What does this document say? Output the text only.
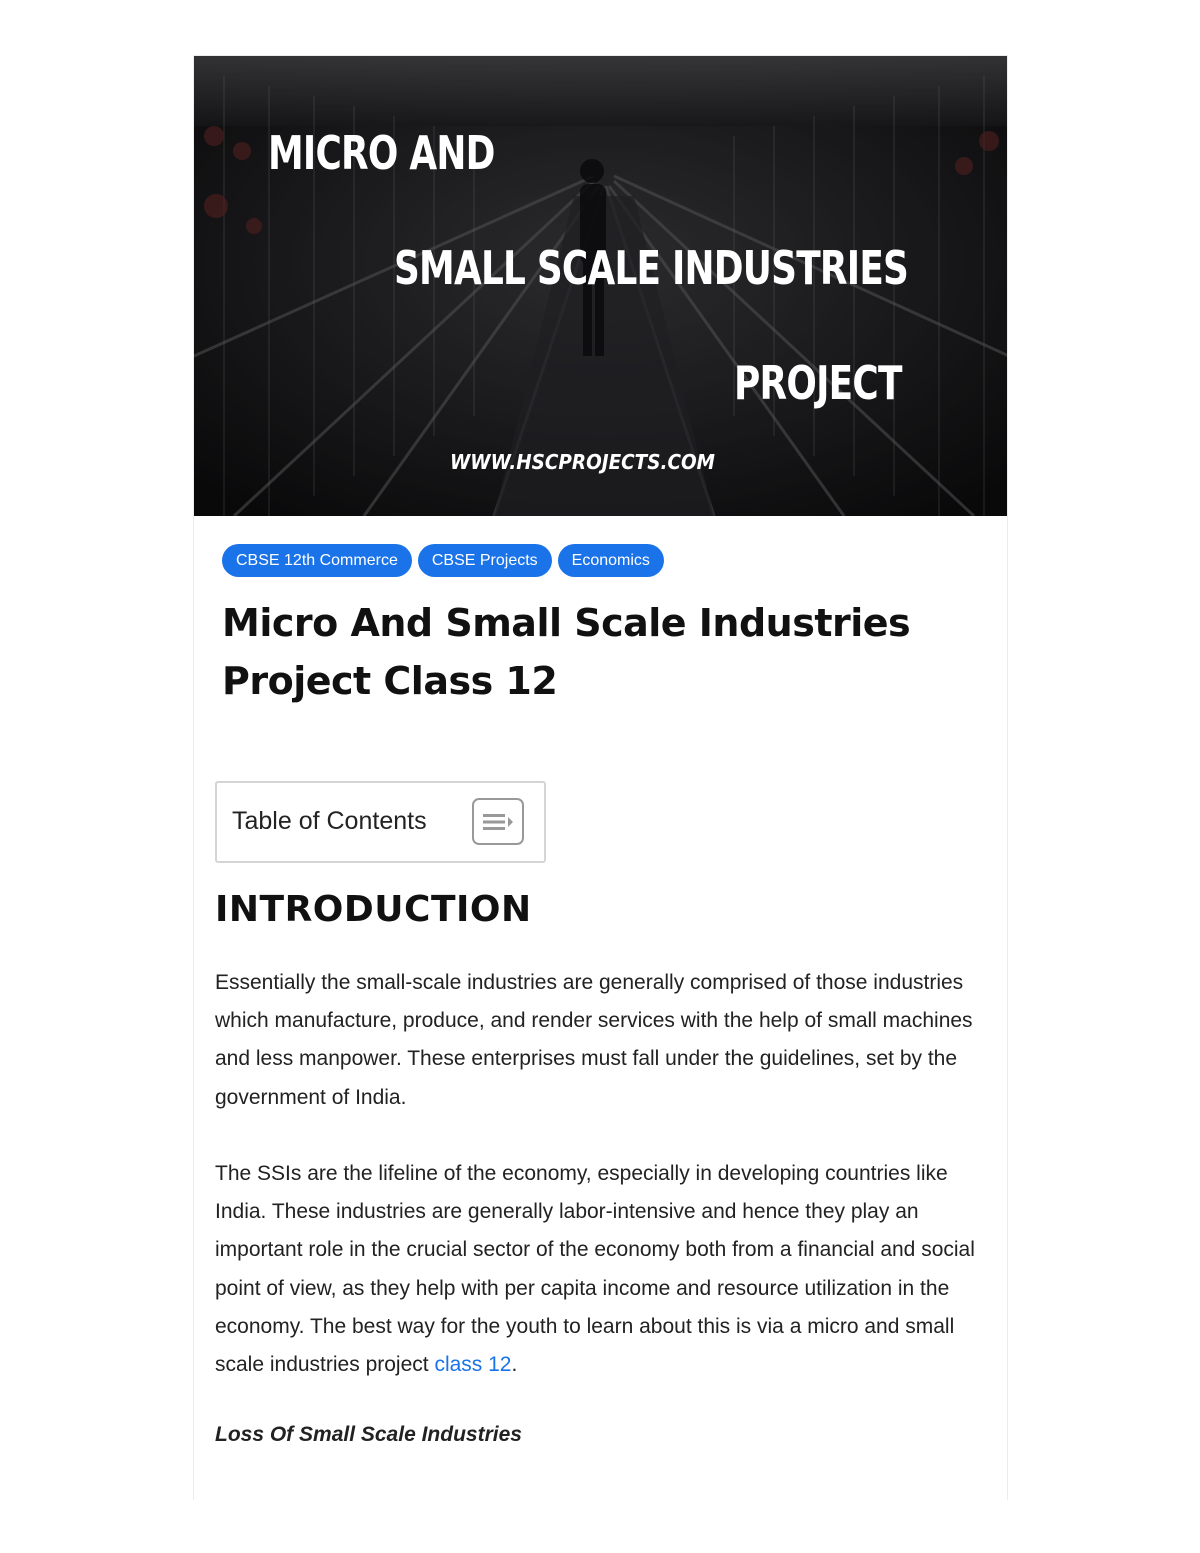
MICRO AND
SMALL SCALE INDUSTRIES
PROJECT
WWW.HSCPROJECTS.COM
CBSE 12th Commerce	CBSE Projects	Economics
Micro And Small Scale Industries Project Class 12
Table of Contents
INTRODUCTION

Essentially the small-scale industries are generally comprised of those industries which manufacture, produce, and render services with the help of small machines and less manpower. These enterprises must fall under the guidelines, set by the government of India.

The SSIs are the lifeline of the economy, especially in developing countries like India. These industries are generally labor-intensive and hence they play an important role in the crucial sector of the economy both from a financial and social point of view, as they help with per capita income and resource utilization in the economy. The best way for the youth to learn about this is via a micro and small scale industries project class 12.

Loss Of Small Scale Industries
